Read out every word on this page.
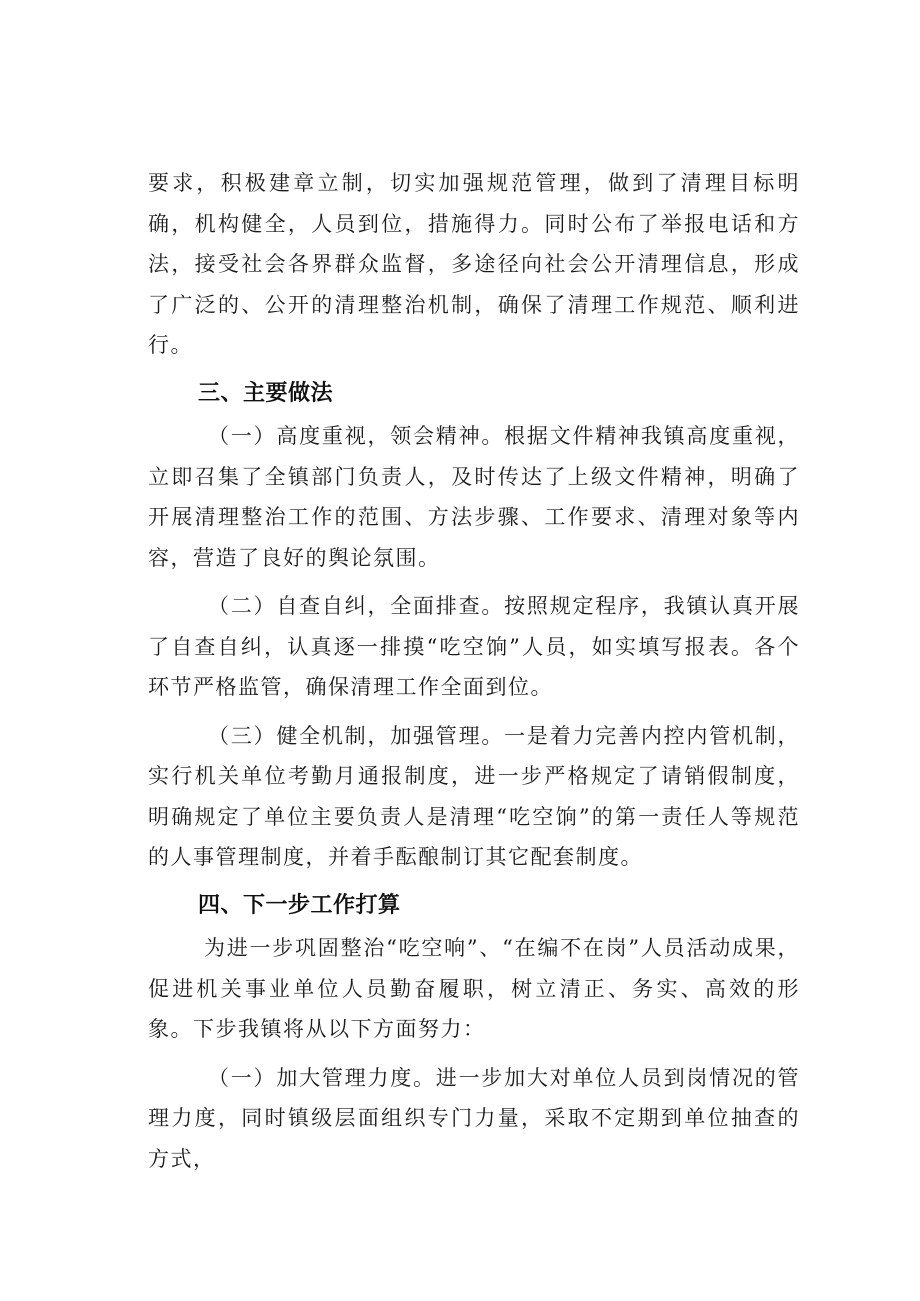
要求，积极建章立制，切实加强规范管理，做到了清理目标明确，机构健全，人员到位，措施得力。同时公布了举报电话和方法，接受社会各界群众监督，多途径向社会公开清理信息，形成了广泛的、公开的清理整治机制，确保了清理工作规范、顺利进行。

三、主要做法

（一）高度重视，领会精神。根据文件精神我镇高度重视，立即召集了全镇部门负责人，及时传达了上级文件精神，明确了开展清理整治工作的范围、方法步骤、工作要求、清理对象等内容，营造了良好的舆论氛围。

（二）自查自纠，全面排查。按照规定程序，我镇认真开展了自查自纠，认真逐一排摸“吃空饷”人员，如实填写报表。各个环节严格监管，确保清理工作全面到位。

（三）健全机制，加强管理。一是着力完善内控内管机制，实行机关单位考勤月通报制度，进一步严格规定了请销假制度，明确规定了单位主要负责人是清理“吃空饷”的第一责任人等规范的人事管理制度，并着手酝酿制订其它配套制度。

四、下一步工作打算

为进一步巩固整治“吃空响”、“在编不在岗”人员活动成果，促进机关事业单位人员勤奋履职，树立清正、务实、高效的形象。下步我镇将从以下方面努力：

（一）加大管理力度。进一步加大对单位人员到岗情况的管理力度，同时镇级层面组织专门力量，采取不定期到单位抽查的方式，
